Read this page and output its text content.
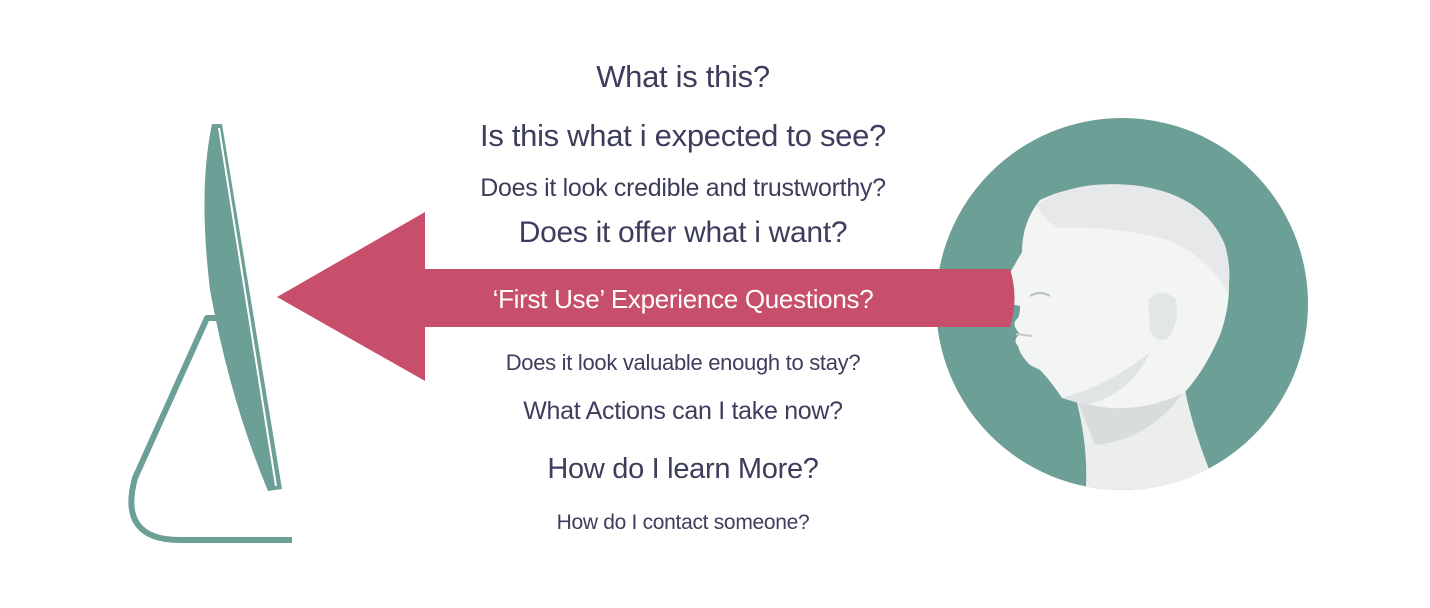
‘First Use’ Experience Questions?
What is this?
Is this what i expected to see?
Does it look credible and trustworthy?
Does it offer what i want?
Does it look valuable enough to stay?
What Actions can I take now?
How do I learn More?
How do I contact someone?
